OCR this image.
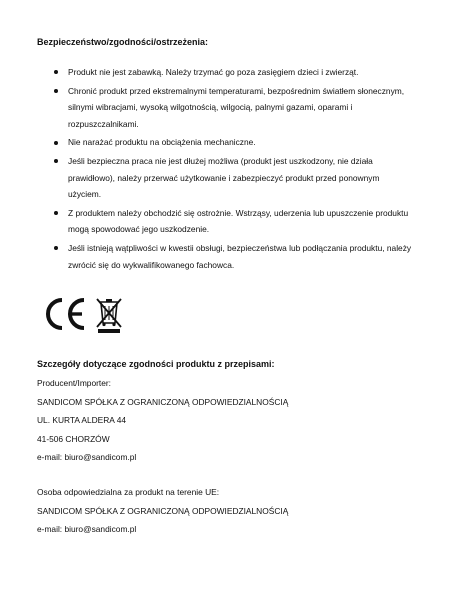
Bezpieczeństwo/zgodności/ostrzeżenia:
Produkt nie jest zabawką. Należy trzymać go poza zasięgiem dzieci i zwierząt.
Chronić produkt przed ekstremalnymi temperaturami, bezpośrednim światłem słonecznym, silnymi wibracjami, wysoką wilgotnością, wilgocią, palnymi gazami, oparami i rozpuszczalnikami.
Nie narażać produktu na obciążenia mechaniczne.
Jeśli bezpieczna praca nie jest dłużej możliwa (produkt jest uszkodzony, nie działa prawidłowo), należy przerwać użytkowanie i zabezpieczyć produkt przed ponownym użyciem.
Z produktem należy obchodzić się ostrożnie. Wstrząsy, uderzenia lub upuszczenie produktu mogą spowodować jego uszkodzenie.
Jeśli istnieją wątpliwości w kwestii obsługi, bezpieczeństwa lub podłączania produktu, należy zwrócić się do wykwalifikowanego fachowca.
Szczegóły dotyczące zgodności produktu z przepisami:
Producent/Importer:
SANDICOM SPÓŁKA Z OGRANICZONĄ ODPOWIEDZIALNOŚCIĄ
UL. KURTA ALDERA 44
41-506 CHORZÓW
e-mail: biuro@sandicom.pl
Osoba odpowiedzialna za produkt na terenie UE:
SANDICOM SPÓŁKA Z OGRANICZONĄ ODPOWIEDZIALNOŚCIĄ
e-mail: biuro@sandicom.pl
